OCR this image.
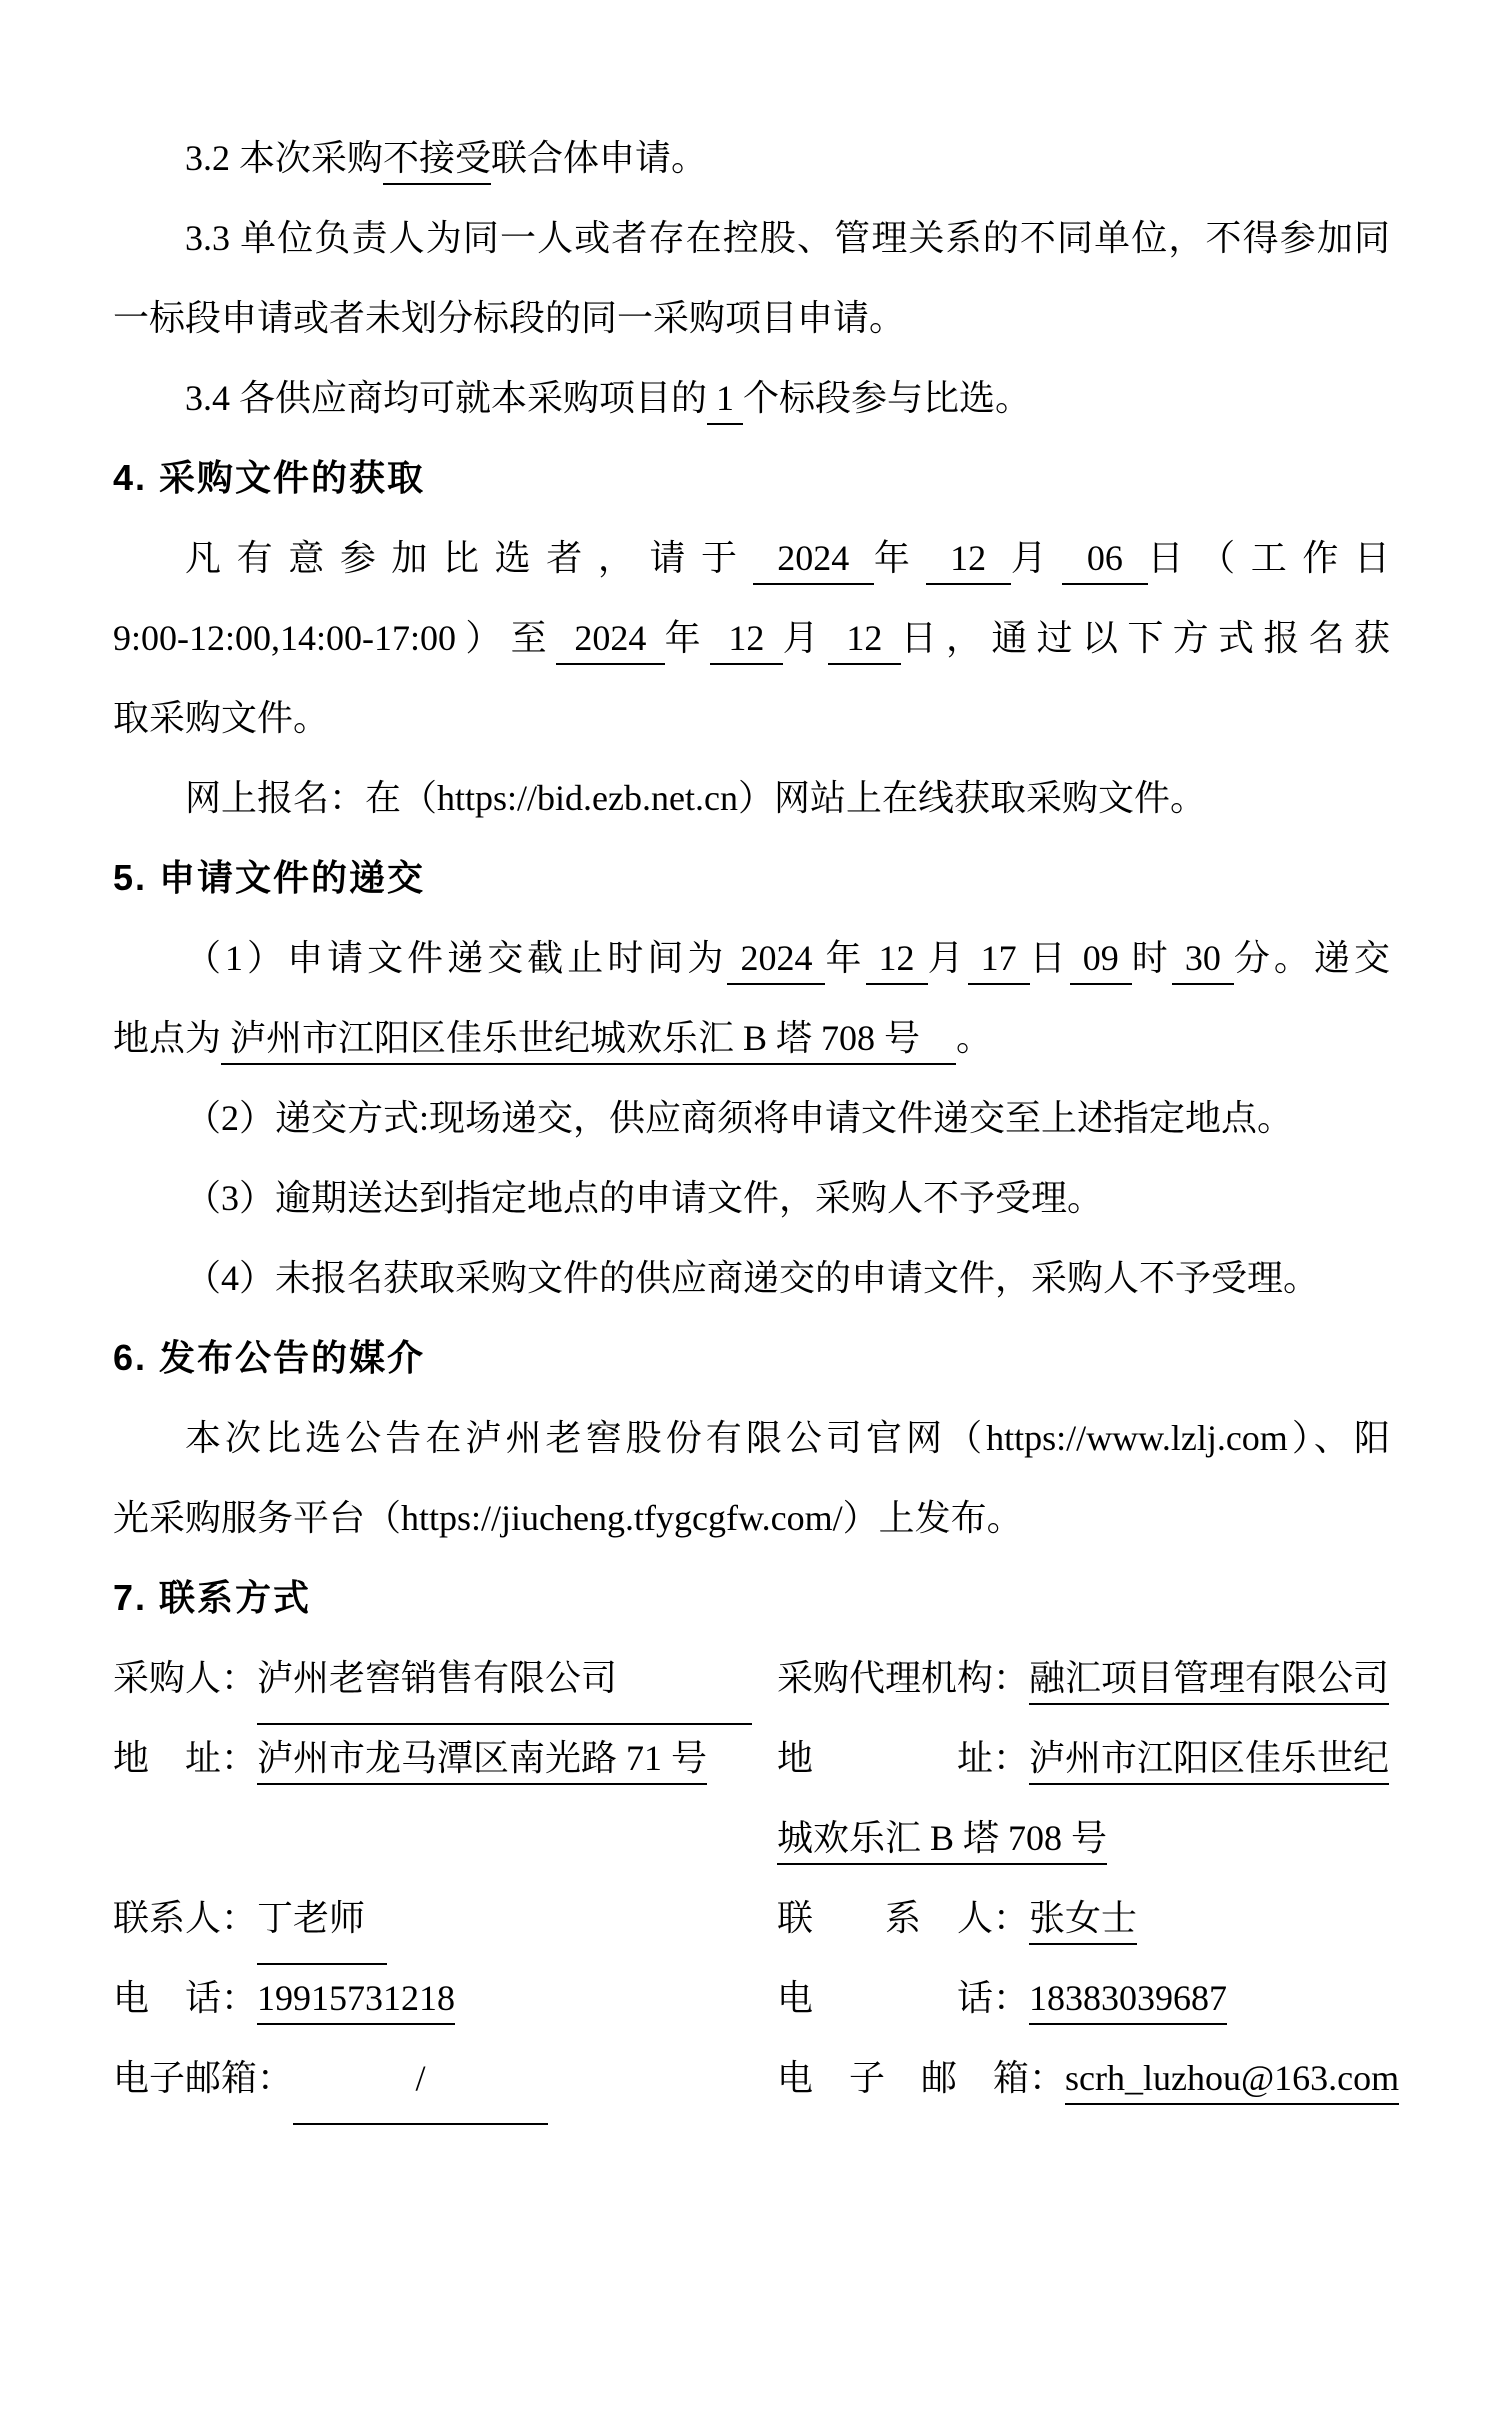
3.2 本次采购不接受联合体申请。
3.3 单位负责人为同一人或者存在控股、管理关系的不同单位，不得参加同
一标段申请或者未划分标段的同一采购项目申请。
3.4 各供应商均可就本采购项目的 1 个标段参与比选。
4. 采购文件的获取
凡有意参加比选者，请于 2024 年 12 月 06 日（工作日
9:00-12:00,14:00-17:00）至 2024 年 12 月 12 日，通过以下方式报名获
取采购文件。
网上报名：在（https://bid.ezb.net.cn）网站上在线获取采购文件。
5. 申请文件的递交
（1）申请文件递交截止时间为 2024 年 12 月 17 日 09 时 30 分。递交
地点为 泸州市江阳区佳乐世纪城欢乐汇 B 塔 708 号　。
（2）递交方式:现场递交，供应商须将申请文件递交至上述指定地点。
（3）逾期送达到指定地点的申请文件，采购人不予受理。
（4）未报名获取采购文件的供应商递交的申请文件，采购人不予受理。
6. 发布公告的媒介
本次比选公告在泸州老窖股份有限公司官网（https://www.lzlj.com）、阳
光采购服务平台（https://jiucheng.tfygcgfw.com/）上发布。
7. 联系方式
采购人：泸州老窖销售有限公司	采购代理机构：融汇项目管理有限公司
地　址：泸州市龙马潭区南光路 71 号	地　　　　址：泸州市江阳区佳乐世纪
城欢乐汇 B 塔 708 号
联系人：丁老师	联　　系　人：张女士
电　话：19915731218	电　　　　话：18383039687
电子邮箱：	/	电　子　邮　箱：scrh_luzhou@163.com
